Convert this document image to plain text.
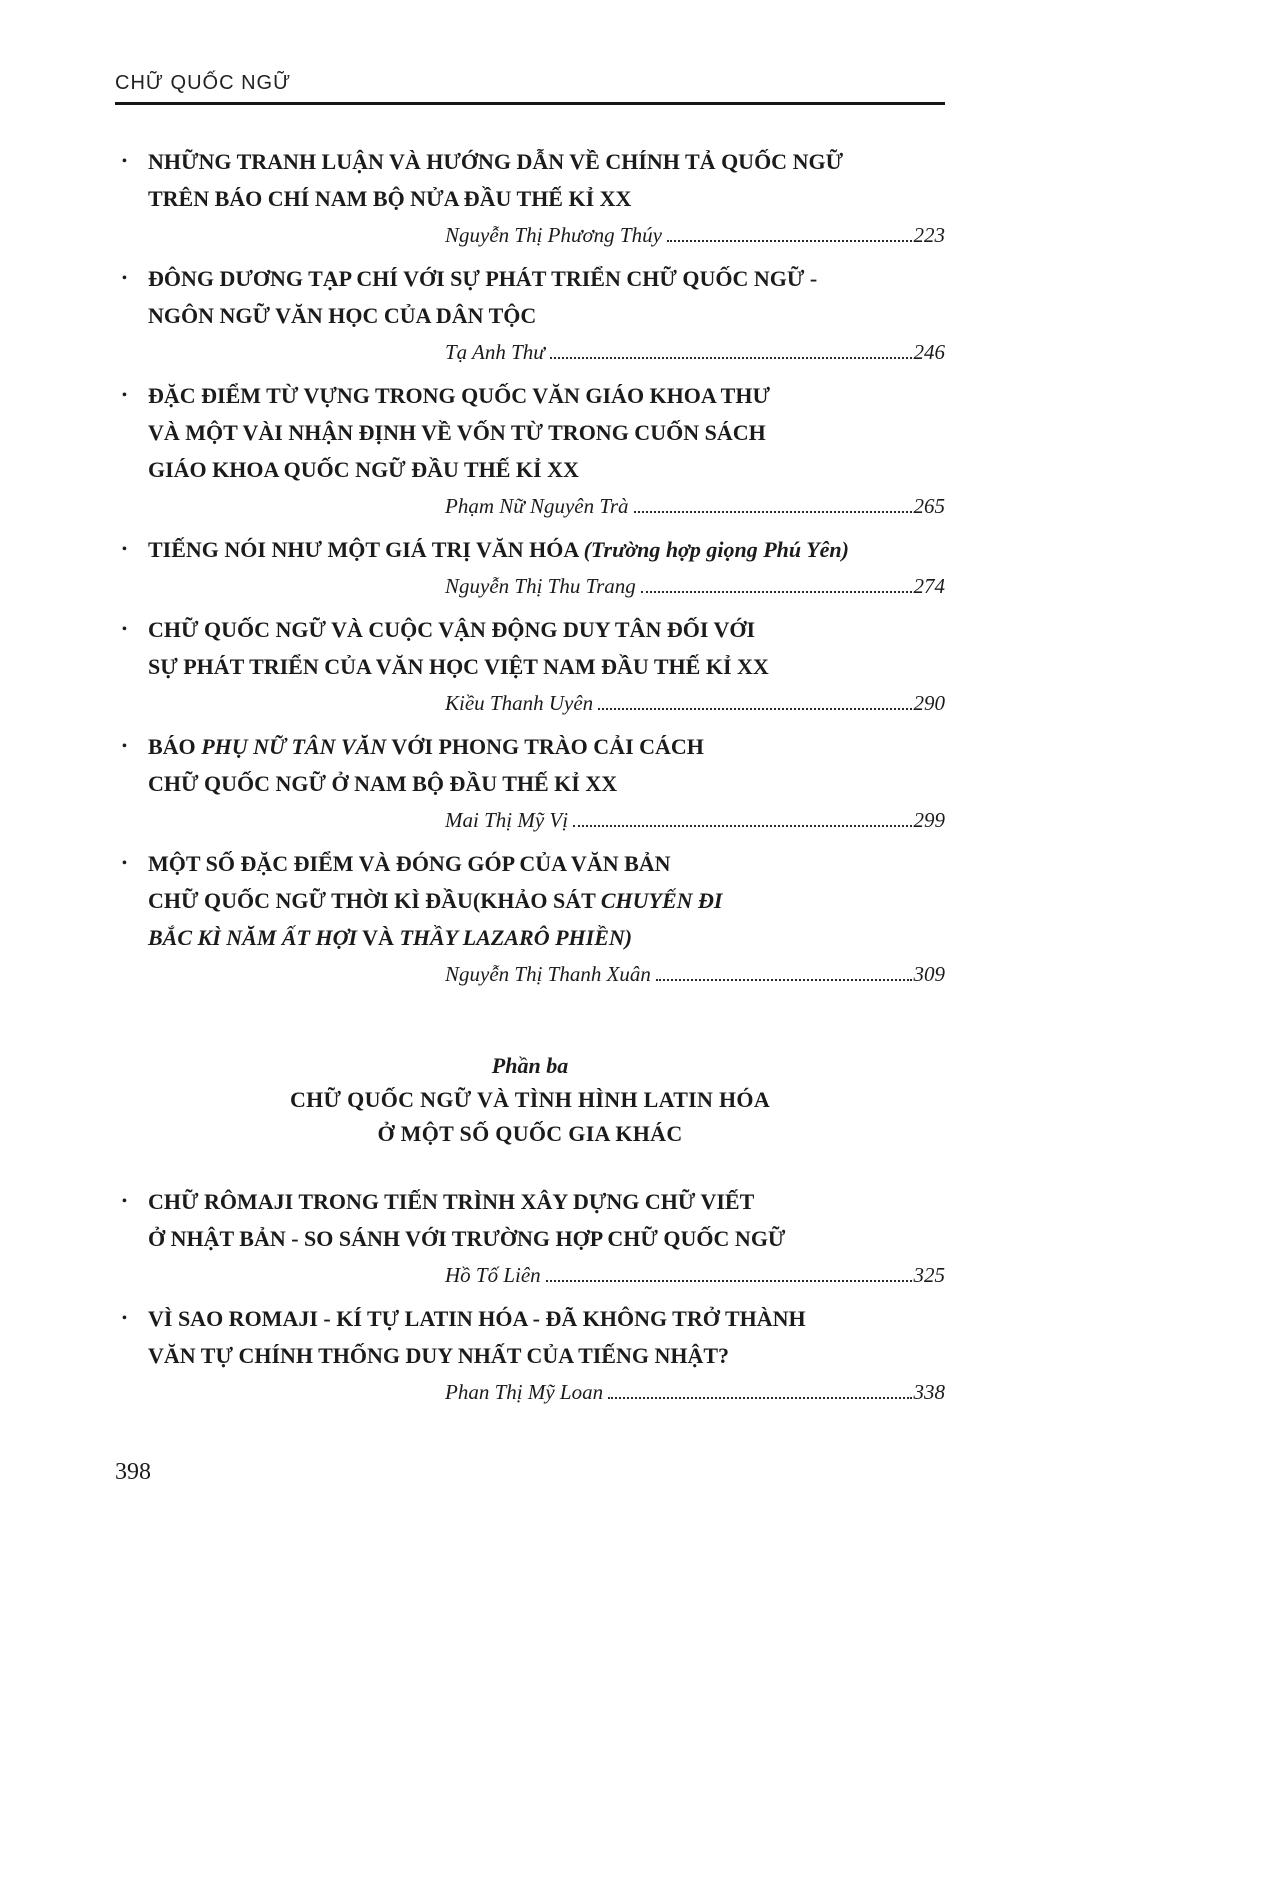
CHỮ QUỐC NGỮ
• NHỮNG TRANH LUẬN VÀ HƯỚNG DẪN VỀ CHÍNH TẢ QUỐC NGỮ
TRÊN BÁO CHÍ NAM BỘ NỬA ĐẦU THẾ KỈ XX
Nguyễn Thị Phương Thúy	223
• ĐÔNG DƯƠNG TẠP CHÍ VỚI SỰ PHÁT TRIỂN CHỮ QUỐC NGỮ -
NGÔN NGỮ VĂN HỌC CỦA DÂN TỘC
Tạ Anh Thư	246
• ĐẶC ĐIỂM TỪ VỰNG TRONG QUỐC VĂN GIÁO KHOA THƯ
VÀ MỘT VÀI NHẬN ĐỊNH VỀ VỐN TỪ TRONG CUỐN SÁCH
GIÁO KHOA QUỐC NGỮ ĐẦU THẾ KỈ XX
Phạm Nữ Nguyên Trà	265
• TIẾNG NÓI NHƯ MỘT GIÁ TRỊ VĂN HÓA (Trường hợp giọng Phú Yên)
Nguyễn Thị Thu Trang	274
• CHỮ QUỐC NGỮ VÀ CUỘC VẬN ĐỘNG DUY TÂN ĐỐI VỚI
SỰ PHÁT TRIỂN CỦA VĂN HỌC VIỆT NAM ĐẦU THẾ KỈ XX
Kiều Thanh Uyên	290
• BÁO PHỤ NỮ TÂN VĂN VỚI PHONG TRÀO CẢI CÁCH
CHỮ QUỐC NGỮ Ở NAM BỘ ĐẦU THẾ KỈ XX
Mai Thị Mỹ Vị	299
• MỘT SỐ ĐẶC ĐIỂM VÀ ĐÓNG GÓP CỦA VĂN BẢN
CHỮ QUỐC NGỮ THỜI KÌ ĐẦU(KHẢO SÁT CHUYẾN ĐI
BẮC KÌ NĂM ẤT HỢI VÀ THẦY LAZARÔ PHIỀN)
Nguyễn Thị Thanh Xuân	309
Phần ba
CHỮ QUỐC NGỮ VÀ TÌNH HÌNH LATIN HÓA
Ở MỘT SỐ QUỐC GIA KHÁC
• CHỮ RÔMAJI TRONG TIẾN TRÌNH XÂY DỰNG CHỮ VIẾT
Ở NHẬT BẢN - SO SÁNH VỚI TRƯỜNG HỢP CHỮ QUỐC NGỮ
Hồ Tố Liên	325
• VÌ SAO ROMAJI - KÍ TỰ LATIN HÓA - ĐÃ KHÔNG TRỞ THÀNH
VĂN TỰ CHÍNH THỐNG DUY NHẤT CỦA TIẾNG NHẬT?
Phan Thị Mỹ Loan	338
398
